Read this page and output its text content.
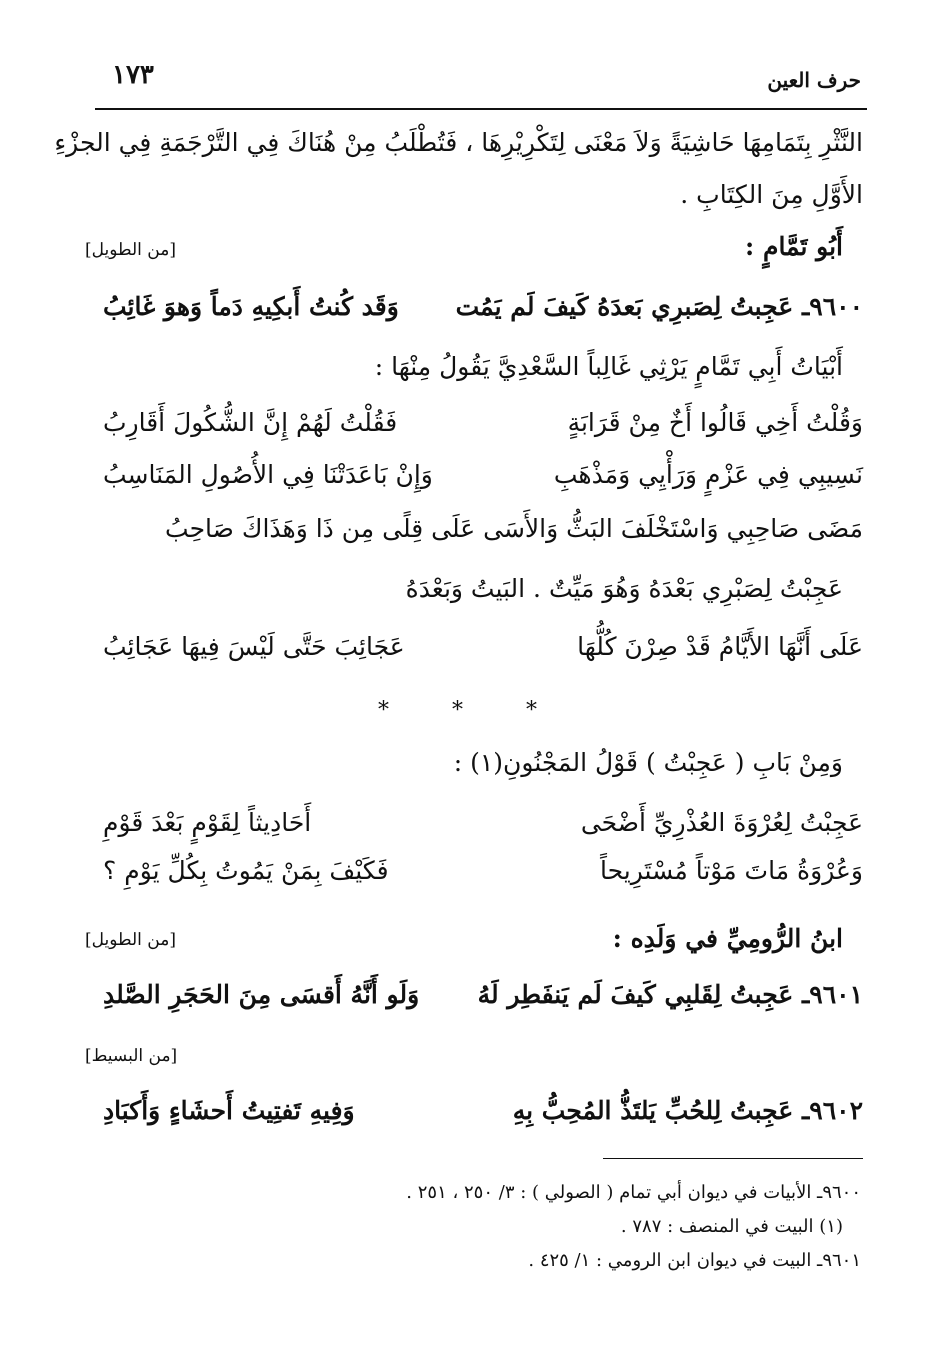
حرف العين
١٧٣
النَّثْرِ بِتَمَامِهَا حَاشِيَةً وَلاَ مَعْنَى لِتَكْرِيْرِهَا ، فَتُطْلَبُ مِنْ هُنَاكَ فِي التَّرْجَمَةِ فِي الجزْءِ
الأَوَّلِ مِنَ الكِتَابِ .
أَبُو تَمَّامٍ :
[من الطويل]
٩٦٠٠ـ عَجِبتُ لِصَبرِي بَعدَهُ كَيفَ لَم يَمُت
وَقَد كُنتُ أَبكِيهِ دَماً وَهوَ غَائِبُ
أَبْيَاتُ أَبِي تَمَّامٍ يَرْثِي غَالِباً السَّعْدِيَّ يَقُولُ مِنْهَا :
وَقُلْتُ أَخِي قَالُوا أَخٌ مِنْ قَرَابَةٍ
فَقُلْتُ لَهُمْ إِنَّ الشُّكُولَ أَقَارِبُ
نَسِيبِي فِي عَزْمٍ وَرَأْيِي وَمَذْهَبِ
وَإِنْ بَاعَدَتْنَا فِي الأُصُولِ المَنَاسِبُ
مَضَى صَاحِبِي وَاسْتَخْلَفَ البَثُّ وَالأَسَى عَلَى قِلًى مِن ذَا وَهَذَاكَ صَاحِبُ
عَجِبْتُ لِصَبْرِي بَعْدَهُ وَهُوَ مَيِّتٌ . البَيتُ وَبَعْدَهُ
عَلَى أَنَّهَا الأَيَّامُ قَدْ صِرْنَ كُلُّهَا
عَجَائِبَ حَتَّى لَيْسَ فِيهَا عَجَائِبُ
* * *
وَمِنْ بَابِ ( عَجِبْتُ ) قَوْلُ المَجْنُونِ(١) :
عَجِبْتُ لِعُرْوَةَ العُذْرِيِّ أَضْحَى
أَحَادِيثاً لِقَوْمٍ بَعْدَ قَوْمِ
وَعُرْوَةُ مَاتَ مَوْتاً مُسْتَرِيحاً
فَكَيْفَ بِمَنْ يَمُوتُ بِكُلِّ يَوْمِ ؟
ابنُ الرُّومِيِّ في وَلَدِه :
[من الطويل]
٩٦٠١ـ عَجِبتُ لِقَلبِي كَيفَ لَم يَنفَطِر لَهُ
وَلَو أَنَّهُ أَقسَى مِنَ الحَجَرِ الصَّلدِ
[من البسيط]
٩٦٠٢ـ عَجِبتُ لِلحُبِّ يَلتَذُّ المُحِبُّ بِهِ
وَفِيهِ تَفتِيتُ أَحشَاءٍ وَأَكبَادِ
٩٦٠٠ـ الأبيات في ديوان أبي تمام ( الصولي ) : ٣/ ٢٥٠ ، ٢٥١ .
(١) البيت في المنصف : ٧٨٧ .
٩٦٠١ـ البيت في ديوان ابن الرومي : ١/ ٤٢٥ .
